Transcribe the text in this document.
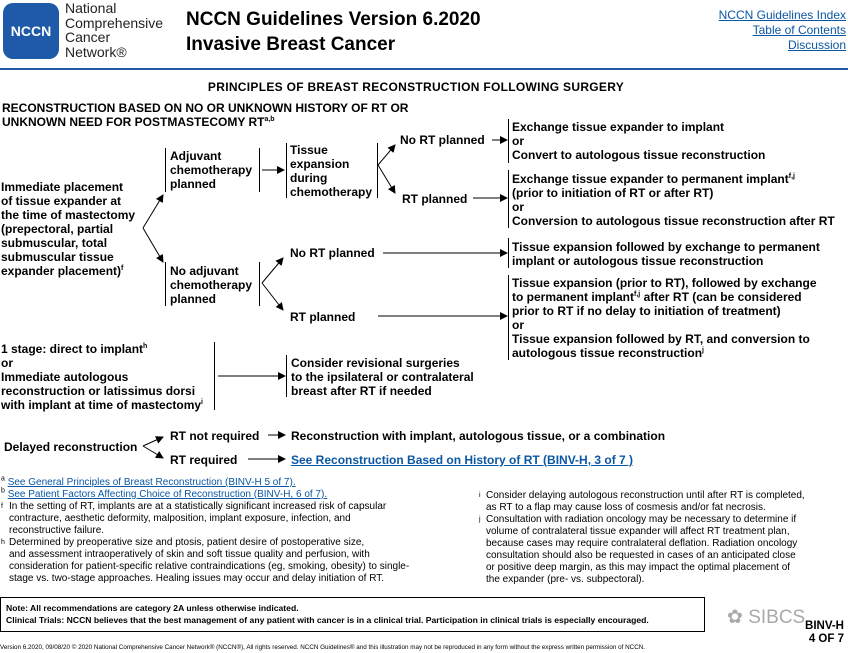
NCCN
National
Comprehensive
Cancer
Network®
NCCN Guidelines Version 6.2020
Invasive Breast Cancer
NCCN Guidelines Index
Table of Contents
Discussion
PRINCIPLES OF BREAST RECONSTRUCTION FOLLOWING SURGERY
RECONSTRUCTION BASED ON NO OR UNKNOWN HISTORY OF RT OR
UNKNOWN NEED FOR POSTMASTECOMY RT$^{a,b}$
Immediate placement
of tissue expander at
the time of mastectomy
(prepectoral, partial
submuscular, total
submuscular tissue
expander placement)$^f$
Adjuvant
chemotherapy
planned
Tissue
expansion
during
chemotherapy
No RT planned
Exchange tissue expander to implant
or
Convert to autologous tissue reconstruction
RT planned
Exchange tissue expander to permanent implant$^{f,j}$
(prior to initiation of RT or after RT)
or
Conversion to autologous tissue reconstruction after RT
No adjuvant
chemotherapy
planned
No RT planned	Tissue expansion followed by exchange to permanent
implant or autologous tissue reconstruction
RT planned
Tissue expansion (prior to RT), followed by exchange
to permanent implant$^{f,j}$ after RT (can be considered
prior to RT if no delay to initiation of treatment)
or
Tissue expansion followed by RT, and conversion to
autologous tissue reconstruction$^j$
1 stage: direct to implant$^h$
or
Immediate autologous
reconstruction or latissimus dorsi
with implant at time of mastectomy$^i$
Consider revisional surgeries
to the ipsilateral or contralateral
breast after RT if needed
Delayed reconstruction
RT not required	Reconstruction with implant, autologous tissue, or a combination
RT required	See Reconstruction Based on History of RT (BINV-H, 3 of 7 )
$^a$ See General Principles of Breast Reconstruction (BINV-H 5 of 7).
$^b$ See Patient Factors Affecting Choice of Reconstruction (BINV-H, 6 of 7).
f In the setting of RT, implants are at a statistically significant increased risk of capsular
contracture, aesthetic deformity, malposition, implant exposure, infection, and
reconstructive failure.
h Determined by preoperative size and ptosis, patient desire of postoperative size,
and assessment intraoperatively of skin and soft tissue quality and perfusion, with
consideration for patient-specific relative contraindications (eg, smoking, obesity) to single-
stage vs. two-stage approaches. Healing issues may occur and delay initiation of RT.
i Consider delaying autologous reconstruction until after RT is completed,
as RT to a flap may cause loss of cosmesis and/or fat necrosis.
j Consultation with radiation oncology may be necessary to determine if
volume of contralateral tissue expander will affect RT treatment plan,
because cases may require contralateral deflation. Radiation oncology
consultation should also be requested in cases of an anticipated close
or positive deep margin, as this may impact the optimal placement of
the expander (pre- vs. subpectoral).
Note: All recommendations are category 2A unless otherwise indicated.
Clinical Trials: NCCN believes that the best management of any patient with cancer is in a clinical trial. Participation in clinical trials is especially encouraged.	✿ SIBCS BINV-H
4 OF 7
Version 6.2020, 09/08/20 © 2020 National Comprehensive Cancer Network® (NCCN®), All rights reserved. NCCN Guidelines® and this illustration may not be reproduced in any form without the express written permission of NCCN.
